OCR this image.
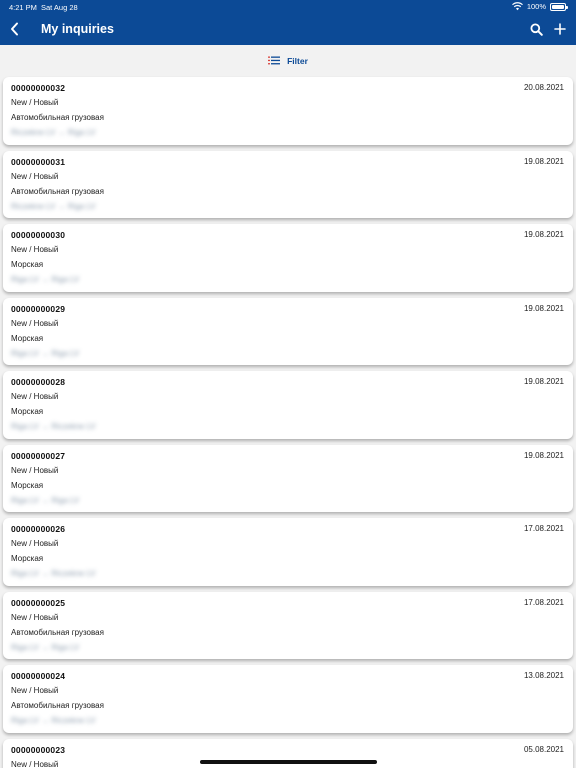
4:21 PM Sat Aug 28	100%
My inquiries
Filter
00000000032	20.08.2021
New / Новый
Автомобильная грузовая
Riczekne LV → Riga LV
00000000031	19.08.2021
New / Новый
Автомобильная грузовая
Riczekne LV → Riga LV
00000000030	19.08.2021
New / Новый
Морская
Riga LV → Riga LV
00000000029	19.08.2021
New / Новый
Морская
Riga LV → Riga LV
00000000028	19.08.2021
New / Новый
Морская
Riga LV → Riczekne LV
00000000027	19.08.2021
New / Новый
Морская
Riga LV → Riga LV
00000000026	17.08.2021
New / Новый
Морская
Riga LV → Riczekne LV
00000000025	17.08.2021
New / Новый
Автомобильная грузовая
Riga LV → Riga LV
00000000024	13.08.2021
New / Новый
Автомобильная грузовая
Riga LV → Riczekne LV
00000000023	05.08.2021
New / Новый
